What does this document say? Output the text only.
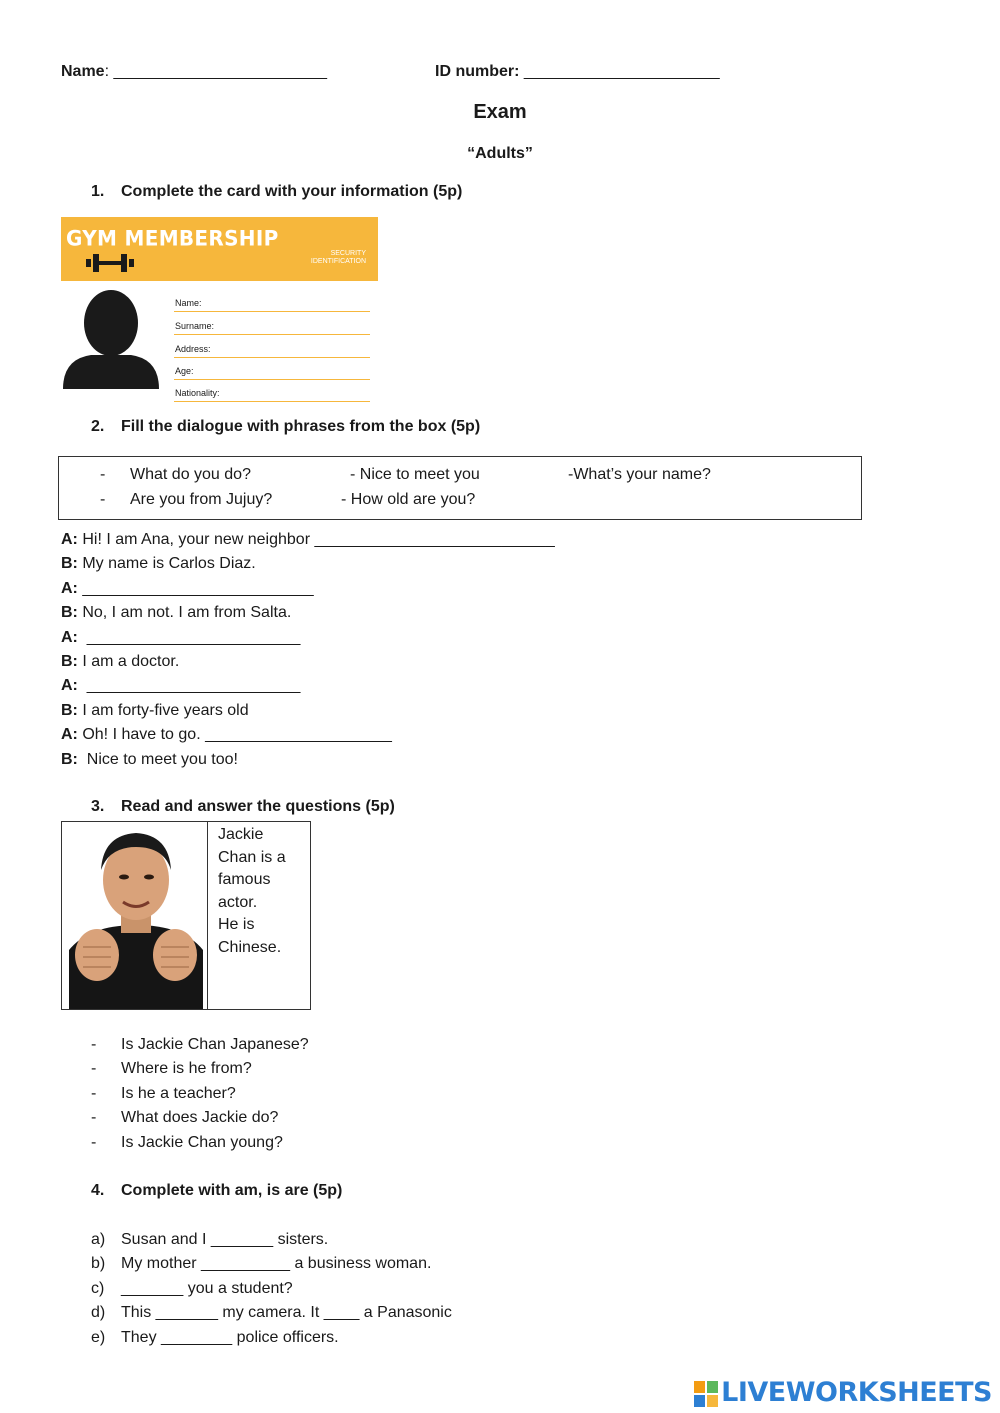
Name: ________________________	ID number: ______________________
Exam
“Adults”
1.	Complete the card with your information (5p)
GYM MEMBERSHIP
SECURITY
IDENTIFICATION
Name:
Surname:
Address:
Age:
Nationality:
2.	Fill the dialogue with phrases from the box (5p)
- What do you do?	- Nice to meet you	-What’s your name?
- Are you from Jujuy?	- How old are you?
A: Hi! I am Ana, your new neighbor ___________________________
B: My name is Carlos Diaz.
A: __________________________
B: No, I am not. I am from Salta.
A:  ________________________
B: I am a doctor.
A:  ________________________
B: I am forty-five years old
A: Oh! I have to go. _____________________
B:  Nice to meet you too!
3.	Read and answer the questions (5p)
Jackie
Chan is a
famous
actor.
He is
Chinese.
- Is Jackie Chan Japanese?
- Where is he from?
- Is he a teacher?
- What does Jackie do?
- Is Jackie Chan young?
4.	Complete with am, is are (5p)
a) Susan and I _______ sisters.
b) My mother __________ a business woman.
c) _______ you a student?
d) This _______ my camera. It ____ a Panasonic
e) They ________ police officers.
LIVEWORKSHEETS
